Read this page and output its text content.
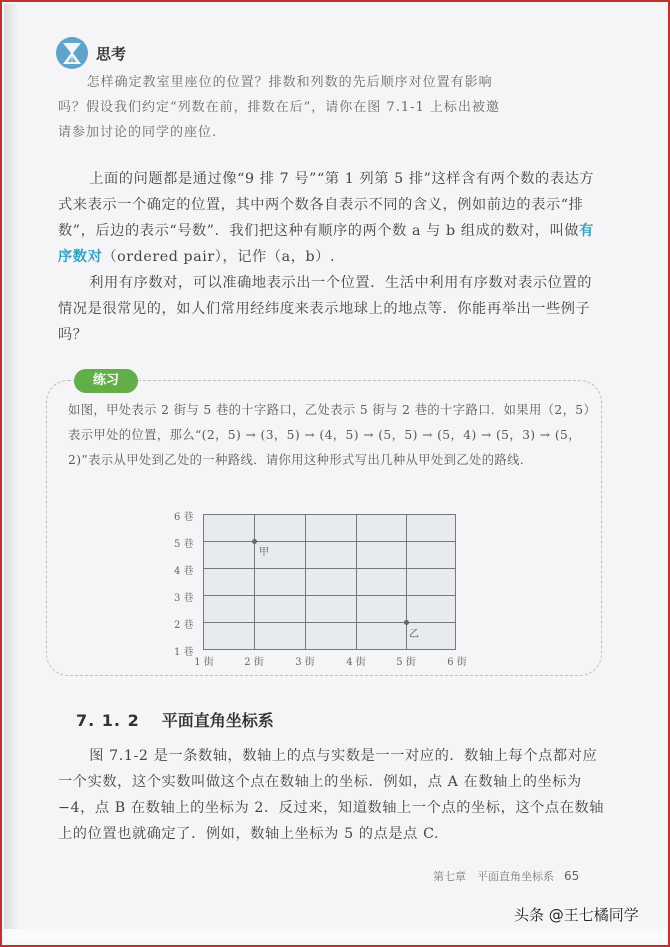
思考
怎样确定教室里座位的位置？排数和列数的先后顺序对位置有影响
吗？假设我们约定“列数在前，排数在后”，请你在图 7.1-1 上标出被邀
请参加讨论的同学的座位.
上面的问题都是通过像“9 排 7 号”“第 1 列第 5 排”这样含有两个数的表达方式来表示一个确定的位置，其中两个数各自表示不同的含义，例如前边的表示“排数”，后边的表示“号数”．我们把这种有顺序的两个数 a 与 b 组成的数对，叫做有序数对（ordered pair），记作（a，b）.
利用有序数对，可以准确地表示出一个位置．生活中利用有序数对表示位置的情况是很常见的，如人们常用经纬度来表示地球上的地点等．你能再举出一些例子吗？
练习
如图，甲处表示 2 街与 5 巷的十字路口，乙处表示 5 街与 2 巷的十字路口．如果用（2，5）表示甲处的位置，那么“(2，5) → (3，5) → (4，5) → (5，5) → (5，4) → (5，3) → (5，2)”表示从甲处到乙处的一种路线．请你用这种形式写出几种从甲处到乙处的路线.
6 巷
5 巷
4 巷
3 巷
2 巷
1 巷
甲
乙
1 街	2 街	3 街	4 街	5 街	6 街
7. 1. 2 平面直角坐标系
图 7.1-2 是一条数轴，数轴上的点与实数是一一对应的．数轴上每个点都对应一个实数，这个实数叫做这个点在数轴上的坐标．例如，点 A 在数轴上的坐标为−4，点 B 在数轴上的坐标为 2．反过来，知道数轴上一个点的坐标，这个点在数轴上的位置也就确定了．例如，数轴上坐标为 5 的点是点 C.
第七章　平面直角坐标系 65
头条 @王七橘同学
